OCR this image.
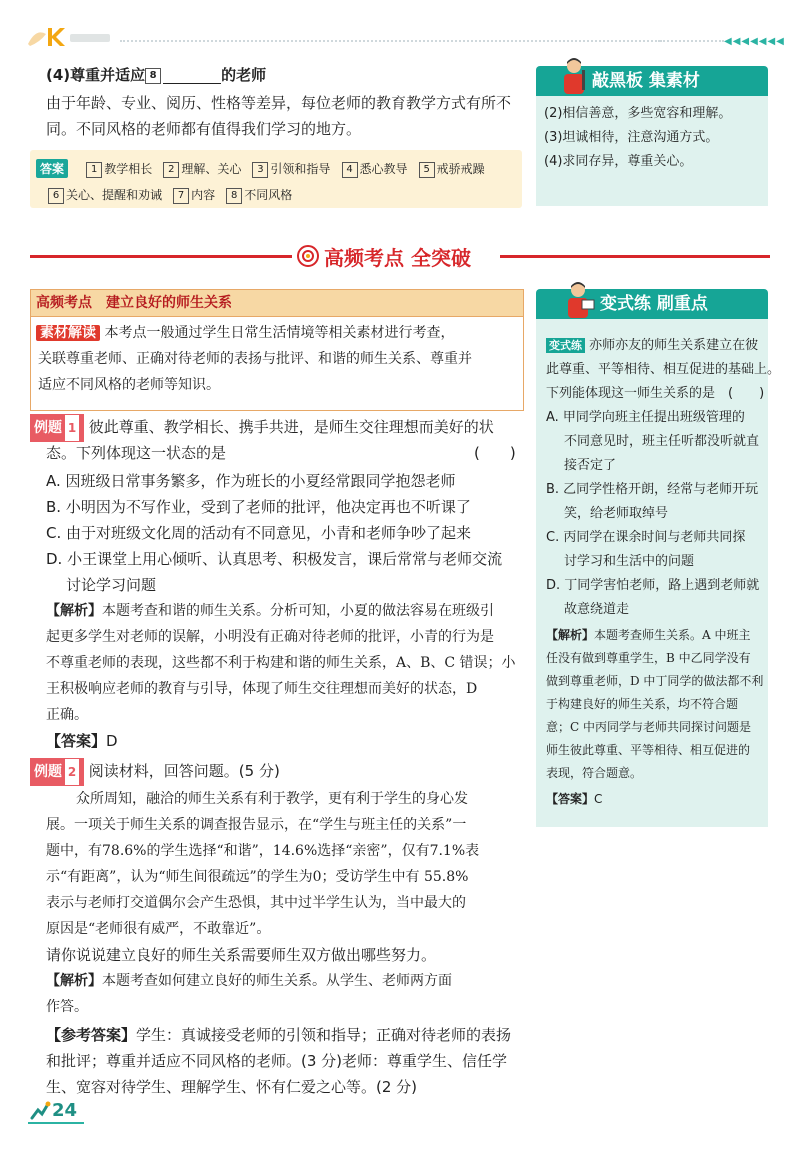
◀◀◀◀◀◀◀
(4)尊重并适应 8	的老师
由于年龄、专业、阅历、性格等差异，每位老师的教育教学方式有所不
同。不同风格的老师都有值得我们学习的地方。
答案	1 教学相长 2 理解、关心 3 引领和指导 4 悉心教导 5 戒骄戒躁
6 关心、提醒和劝诫 7 内容 8 不同风格
敲黑板 集素材
(2)相信善意，多些宽容和理解。
(3)坦诚相待，注意沟通方式。
(4)求同存异，尊重关心。
高频考点 全突破
高频考点　建立良好的师生关系
素材解读 本考点一般通过学生日常生活情境等相关素材进行考查，
关联尊重老师、正确对待老师的表扬与批评、和谐的师生关系、尊重并
适应不同风格的老师等知识。
例题 1 彼此尊重、教学相长、携手共进，是师生交往理想而美好的状
态。下列体现这一状态的是	(　　)
A. 因班级日常事务繁多，作为班长的小夏经常跟同学抱怨老师
B. 小明因为不写作业，受到了老师的批评，他决定再也不听课了
C. 由于对班级文化周的活动有不同意见，小青和老师争吵了起来
D. 小王课堂上用心倾听、认真思考、积极发言，课后常常与老师交流
讨论学习问题
【解析】本题考查和谐的师生关系。分析可知，小夏的做法容易在班级引
起更多学生对老师的误解，小明没有正确对待老师的批评，小青的行为是
不尊重老师的表现，这些都不利于构建和谐的师生关系，A、B、C 错误；小
王积极响应老师的教育与引导，体现了师生交往理想而美好的状态，D
正确。
【答案】D
例题 2 阅读材料，回答问题。(5 分)
众所周知，融洽的师生关系有利于教学，更有利于学生的身心发
展。一项关于师生关系的调查报告显示，在“学生与班主任的关系”一
题中，有78.6%的学生选择“和谐”，14.6%选择“亲密”，仅有7.1%表
示“有距离”，认为“师生间很疏远”的学生为0；受访学生中有 55.8%
表示与老师打交道偶尔会产生恐惧，其中过半学生认为，当中最大的
原因是“老师很有威严，不敢靠近”。
请你说说建立良好的师生关系需要师生双方做出哪些努力。
【解析】本题考查如何建立良好的师生关系。从学生、老师两方面
作答。
【参考答案】学生：真诚接受老师的引领和指导；正确对待老师的表扬
和批评；尊重并适应不同风格的老师。(3 分)老师：尊重学生、信任学
生、宽容对待学生、理解学生、怀有仁爱之心等。(2 分)
变式练 刷重点
变式练 亦师亦友的师生关系建立在彼
此尊重、平等相待、相互促进的基础上。
下列能体现这一师生关系的是　(　　)
A. 甲同学向班主任提出班级管理的
不同意见时，班主任听都没听就直
接否定了
B. 乙同学性格开朗，经常与老师开玩
笑，给老师取绰号
C. 丙同学在课余时间与老师共同探
讨学习和生活中的问题
D. 丁同学害怕老师，路上遇到老师就
故意绕道走
【解析】本题考查师生关系。A 中班主
任没有做到尊重学生，B 中乙同学没有
做到尊重老师，D 中丁同学的做法都不利
于构建良好的师生关系，均不符合题
意；C 中丙同学与老师共同探讨问题是
师生彼此尊重、平等相待、相互促进的
表现，符合题意。
【答案】C
24
